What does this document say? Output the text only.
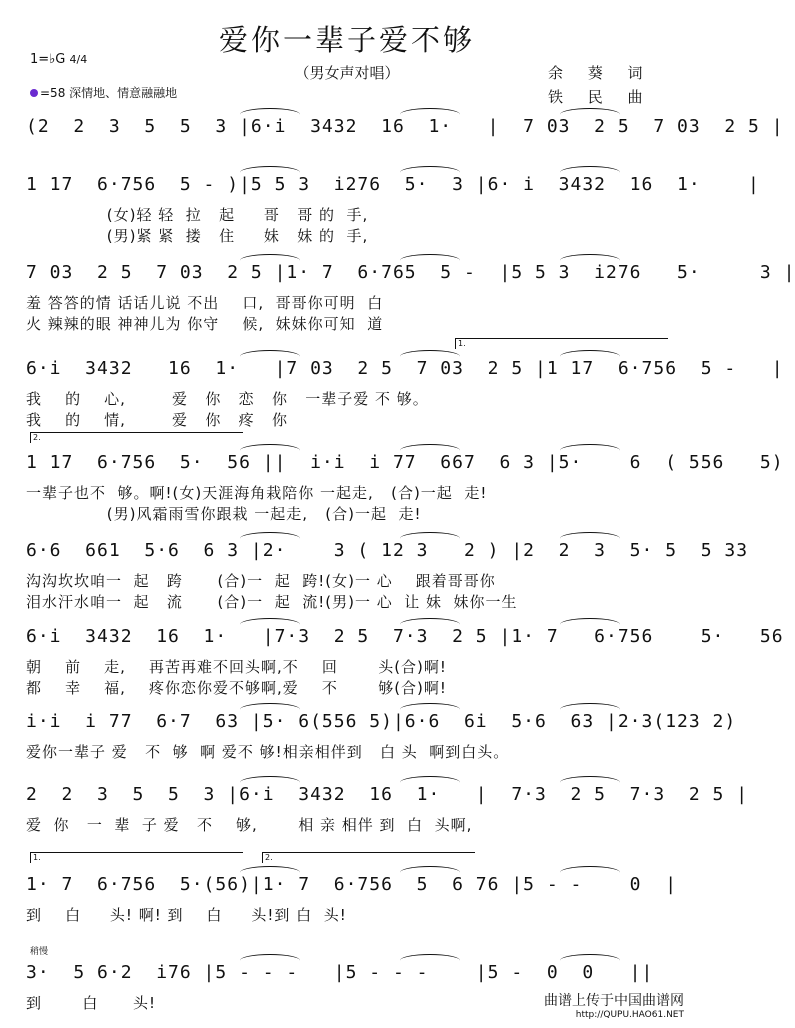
爱你一辈子爱不够
（男女声对唱）	余 葵 词
铁 民 曲
1=♭G 4/4
=58 深情地、情意融融地
(2  2  3  5  5  3 |6·i  3432  16  1·   |  7 03  2 5  7 03  2 5 |
1 17  6·756  5 - )|5 5 3  i276  5·  3 |6· i  3432  16  1·    |
(女)轻 轻  拉   起     哥   哥 的  手,
(男)紧 紧  搂   住     妹   妹 的  手,
7 03  2 5  7 03  2 5 |1· 7  6·765  5 -  |5 5 3  i276   5·     3 |
羞 答答的情 话话儿说 不出    口,  哥哥你可明  白
火 辣辣的眼 神神儿为 你守    候,  妹妹你可知  道
6·i  3432   16  1·   |7 03  2 5  7 03  2 5 |1 17  6·756  5 -   |
我    的    心,        爱   你   恋   你   一辈子爱 不 够。
我    的    情,        爱   你   疼   你
1 17  6·756  5·  56 ||  i·i  i 77  667  6 3 |5·    6  ( 556   5)
一辈子也不  够。啊!(女)天涯海角栽陪你 一起走,   (合)一起  走!
(男)风霜雨雪你跟栽 一起走,   (合)一起  走!
6·6  661  5·6  6 3 |2·    3 ( 12 3   2 ) |2  2  3  5· 5  5 33
沟沟坎坎咱一  起   跨      (合)一  起  跨!(女)一 心    跟着哥哥你
泪水汗水咱一  起   流      (合)一  起  流!(男)一 心  让 妹  妹你一生
6·i  3432  16  1·   |7·3  2 5  7·3  2 5 |1· 7   6·756    5·   56
朝    前    走,    再苦再难不回头啊,不    回       头(合)啊!
都    幸    福,    疼你恋你爱不够啊,爱    不       够(合)啊!
i·i  i 77  6·7  63 |5· 6(556 5)|6·6  6i  5·6  63 |2·3(123 2)
爱你一辈子 爱   不  够  啊 爱不 够!相亲相伴到   白 头  啊到白头。
2  2  3  5  5  3 |6·i  3432  16  1·   |  7·3  2 5  7·3  2 5 |
爱  你   一  辈  子 爱   不    够,       相 亲 相伴 到  白  头啊,
1· 7  6·756  5·(56)|1· 7  6·756  5  6 76 |5 - -    0  |
到    白     头! 啊! 到    白     头!到 白  头!
3·  5 6·2  i76 |5 - - -   |5 - - -    |5 -  0  0   ||
到       白      头!
1.
2.
1.	2.
稍慢
曲谱上传于中国曲谱网
http://QUPU.HAO61.NET
